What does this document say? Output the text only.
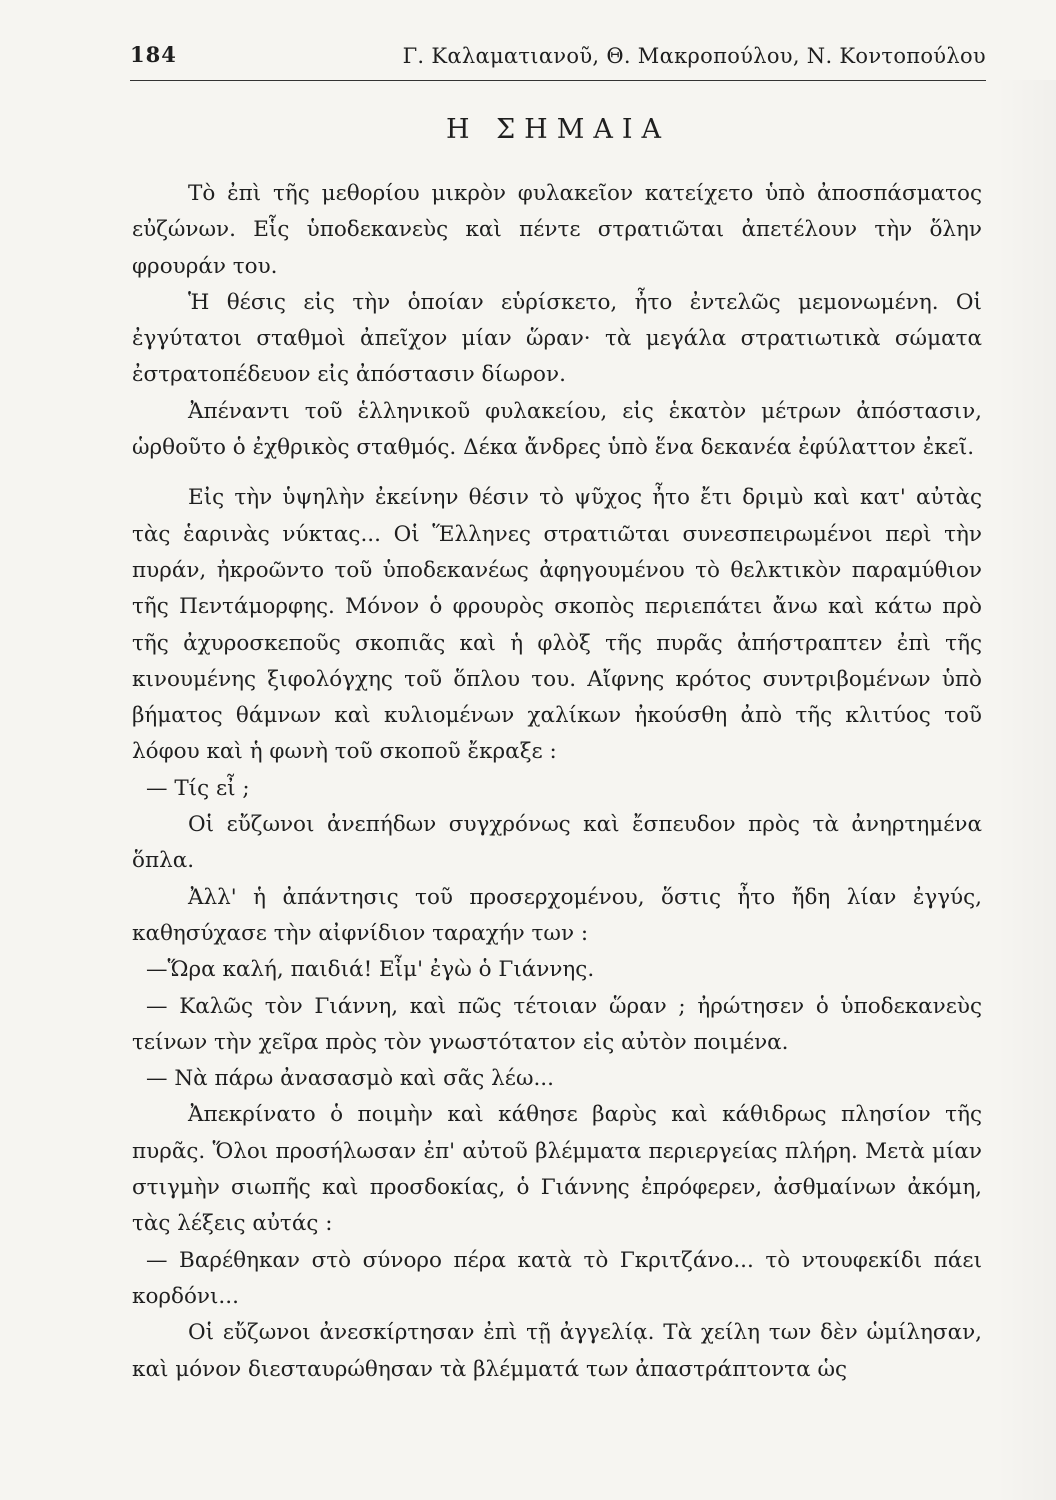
184	Γ. Καλαματιανοῦ, Θ. Μακροπούλου, Ν. Κοντοπούλου
Η ΣΗΜΑΙΑ

Τὸ ἐπὶ τῆς μεθορίου μικρὸν φυλακεῖον κατείχετο ὑπὸ ἀποσπάσματος εὐζώνων. Εἷς ὑποδεκανεὺς καὶ πέντε στρατιῶται ἀπετέλουν τὴν ὅλην φρουράν του.

Ἡ θέσις εἰς τὴν ὁποίαν εὑρίσκετο, ἦτο ἐντελῶς μεμονωμένη. Οἱ ἐγγύτατοι σταθμοὶ ἀπεῖχον μίαν ὥραν· τὰ μεγάλα στρατιωτικὰ σώματα ἐστρατοπέδευον εἰς ἀπόστασιν δίωρον.

Ἀπέναντι τοῦ ἑλληνικοῦ φυλακείου, εἰς ἑκατὸν μέτρων ἀπόστασιν, ὡρθοῦτο ὁ ἐχθρικὸς σταθμός. Δέκα ἄνδρες ὑπὸ ἕνα δεκανέα ἐφύλαττον ἐκεῖ.

Εἰς τὴν ὑψηλὴν ἐκείνην θέσιν τὸ ψῦχος ἦτο ἔτι δριμὺ καὶ κατ' αὐτὰς τὰς ἑαρινὰς νύκτας... Οἱ Ἕλληνες στρατιῶται συνεσπειρωμένοι περὶ τὴν πυράν, ἠκροῶντο τοῦ ὑποδεκανέως ἀφηγουμένου τὸ θελκτικὸν παραμύθιον τῆς Πεντάμορφης. Μόνον ὁ φρουρὸς σκοπὸς περιεπάτει ἄνω καὶ κάτω πρὸ τῆς ἀχυροσκεποῦς σκοπιᾶς καὶ ἡ φλὸξ τῆς πυρᾶς ἀπήστραπτεν ἐπὶ τῆς κινουμένης ξιφολόγχης τοῦ ὅπλου του. Αἴφνης κρότος συντριβομένων ὑπὸ βήματος θάμνων καὶ κυλιομένων χαλίκων ἠκούσθη ἀπὸ τῆς κλιτύος τοῦ λόφου καὶ ἡ φωνὴ τοῦ σκοποῦ ἔκραξε :

— Τίς εἶ ;

Οἱ εὔζωνοι ἀνεπήδων συγχρόνως καὶ ἔσπευδον πρὸς τὰ ἀνηρτημένα ὅπλα.

Ἀλλ' ἡ ἀπάντησις τοῦ προσερχομένου, ὅστις ἦτο ἤδη λίαν ἐγγύς, καθησύχασε τὴν αἰφνίδιον ταραχήν των :

—Ὥρα καλή, παιδιά! Εἶμ' ἐγὼ ὁ Γιάννης.

— Καλῶς τὸν Γιάννη, καὶ πῶς τέτοιαν ὥραν ; ἠρώτησεν ὁ ὑποδεκανεὺς τείνων τὴν χεῖρα πρὸς τὸν γνωστότατον εἰς αὐτὸν ποιμένα.

— Νὰ πάρω ἀνασασμὸ καὶ σᾶς λέω...

Ἀπεκρίνατο ὁ ποιμὴν καὶ κάθησε βαρὺς καὶ κάθιδρως πλησίον τῆς πυρᾶς. Ὅλοι προσήλωσαν ἐπ' αὐτοῦ βλέμματα περιεργείας πλήρη. Μετὰ μίαν στιγμὴν σιωπῆς καὶ προσδοκίας, ὁ Γιάννης ἐπρόφερεν, ἀσθμαίνων ἀκόμη, τὰς λέξεις αὐτάς :

— Βαρέθηκαν στὸ σύνορο πέρα κατὰ τὸ Γκριτζάνο... τὸ ντουφεκίδι πάει κορδόνι...

Οἱ εὔζωνοι ἀνεσκίρτησαν ἐπὶ τῇ ἀγγελίᾳ. Τὰ χείλη των δὲν ὡμίλησαν, καὶ μόνον διεσταυρώθησαν τὰ βλέμματά των ἀπαστράπτοντα ὡς
